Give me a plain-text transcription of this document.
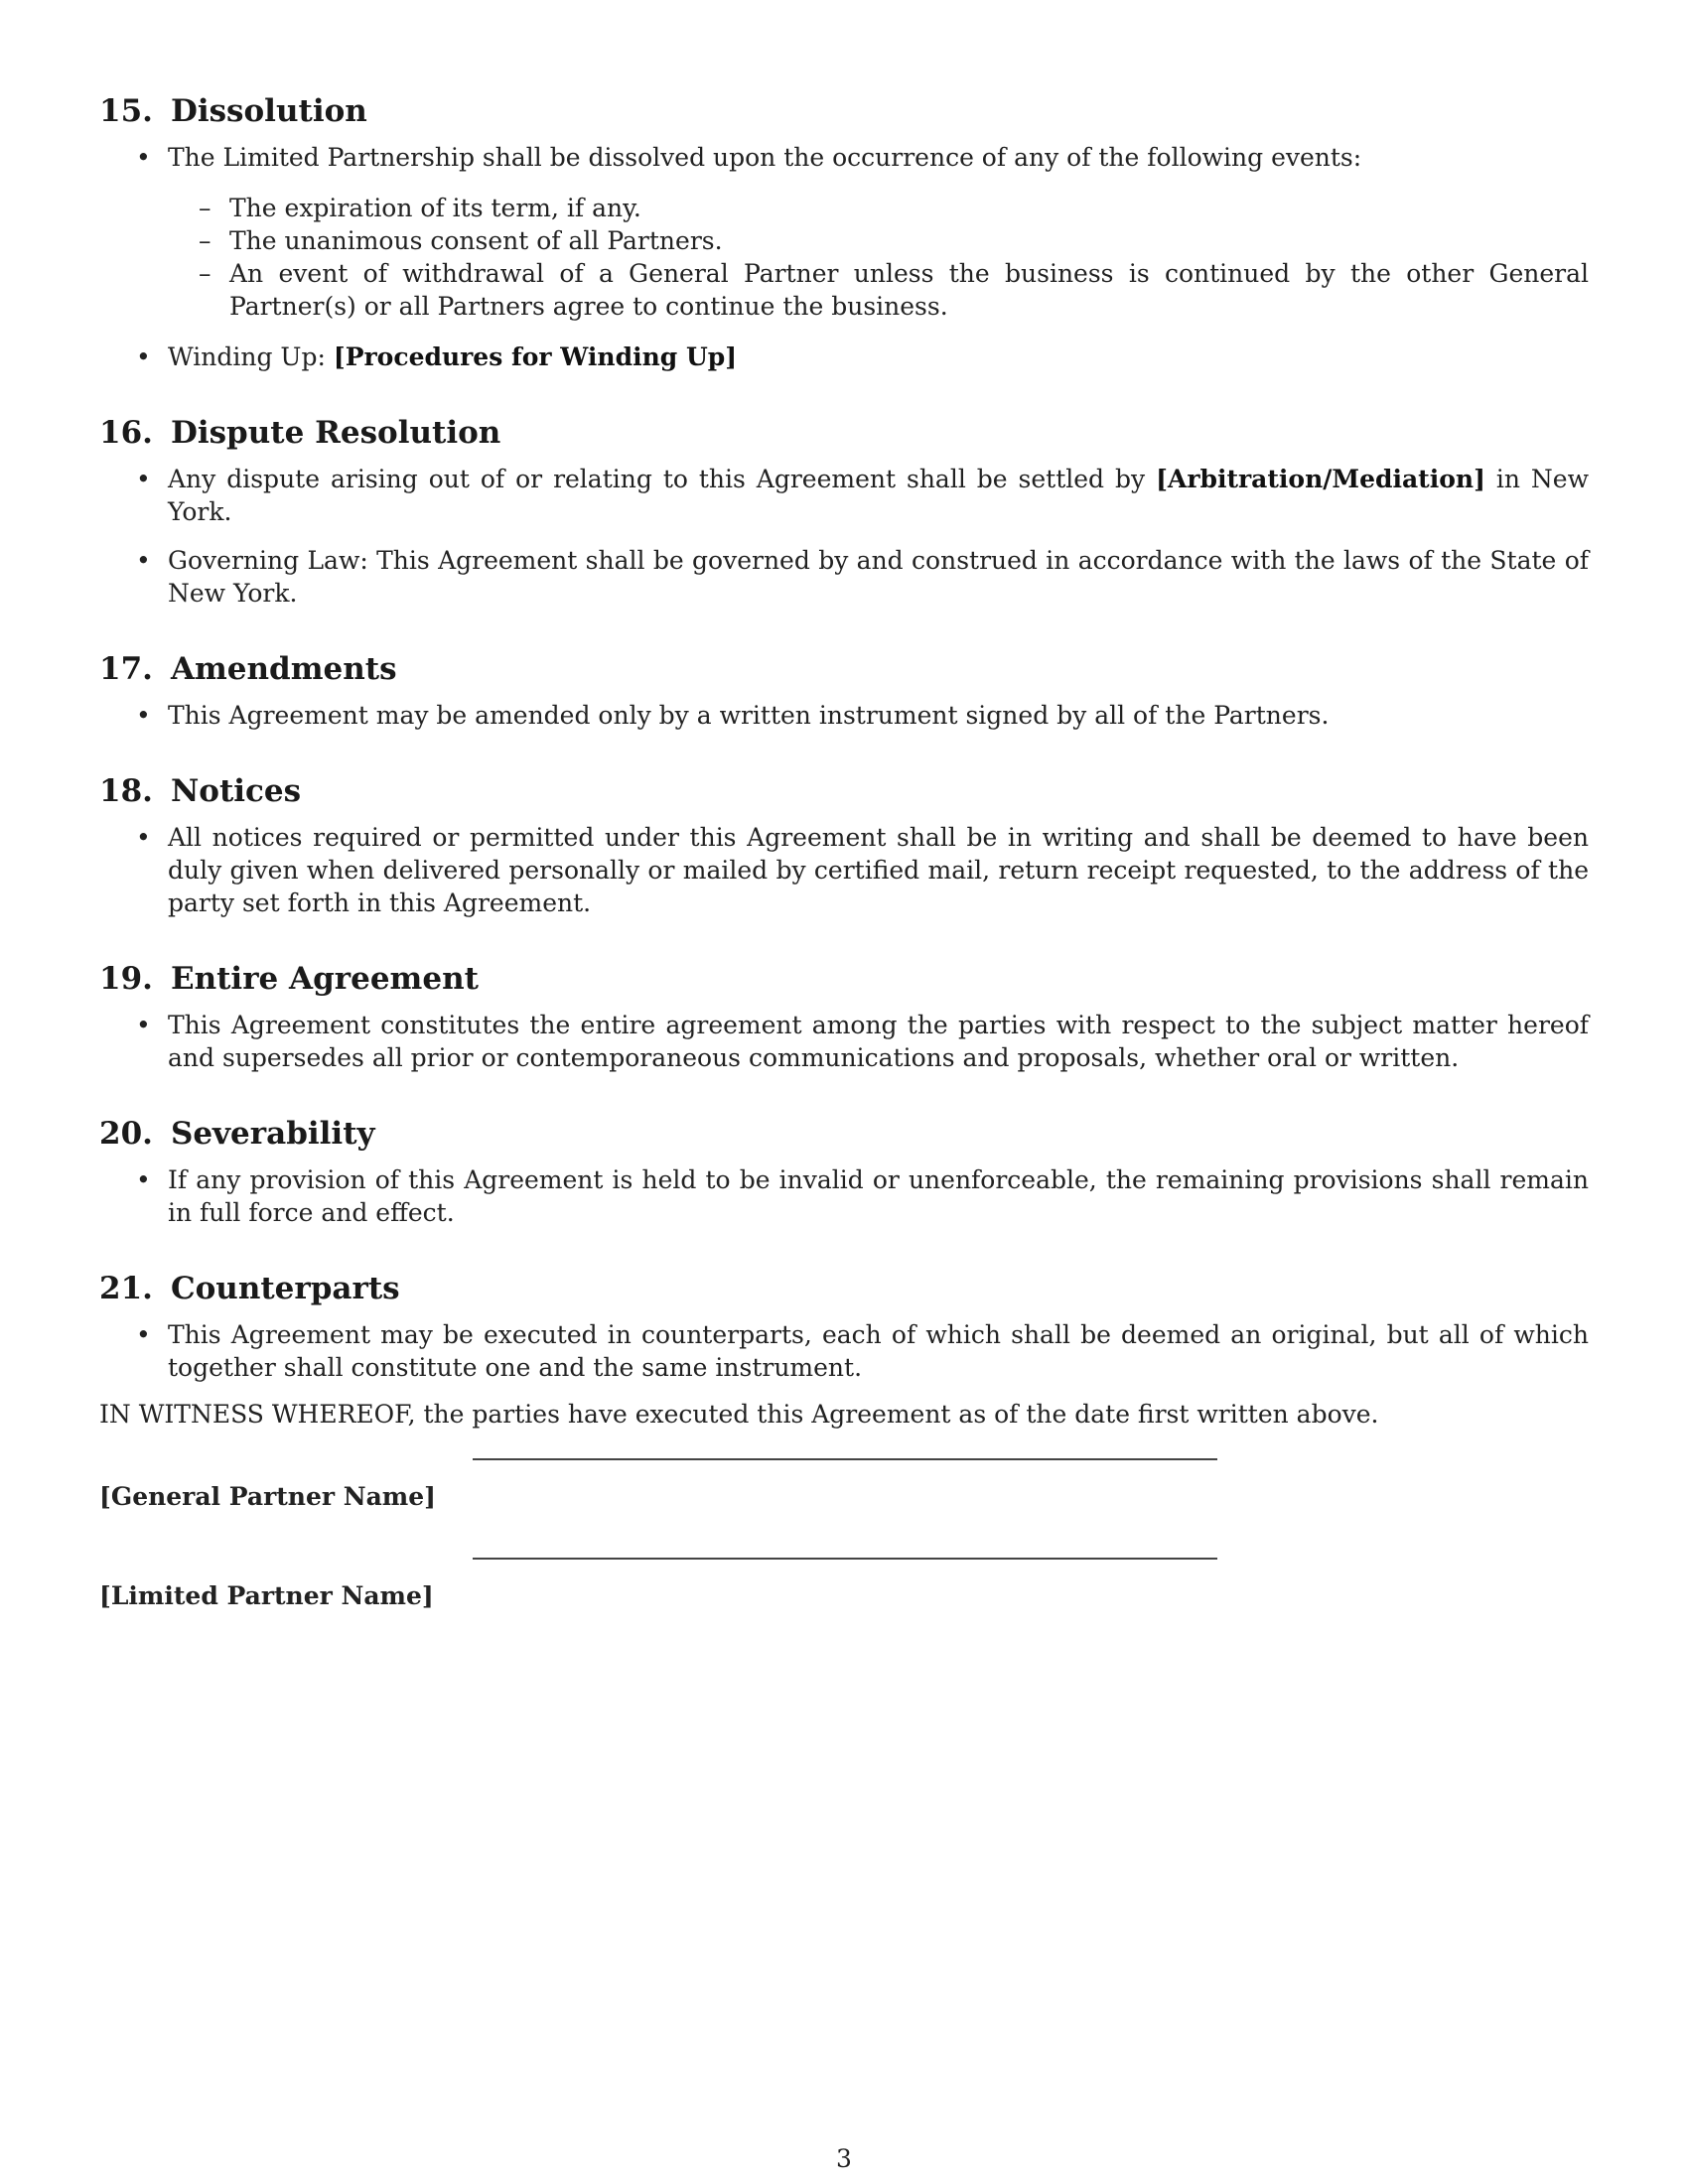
15. Dissolution
• The Limited Partnership shall be dissolved upon the occurrence of any of the following events:
– The expiration of its term, if any.
– The unanimous consent of all Partners.
– An event of withdrawal of a General Partner unless the business is continued by the other General Partner(s) or all Partners agree to continue the business.
• Winding Up: [Procedures for Winding Up]
16. Dispute Resolution
• Any dispute arising out of or relating to this Agreement shall be settled by [Arbitration/Mediation] in New York.
• Governing Law: This Agreement shall be governed by and construed in accordance with the laws of the State of New York.
17. Amendments
• This Agreement may be amended only by a written instrument signed by all of the Partners.
18. Notices
• All notices required or permitted under this Agreement shall be in writing and shall be deemed to have been duly given when delivered personally or mailed by certified mail, return receipt requested, to the address of the party set forth in this Agreement.
19. Entire Agreement
• This Agreement constitutes the entire agreement among the parties with respect to the subject matter hereof and supersedes all prior or contemporaneous communications and proposals, whether oral or written.
20. Severability
• If any provision of this Agreement is held to be invalid or unenforceable, the remaining provisions shall remain in full force and effect.
21. Counterparts
• This Agreement may be executed in counterparts, each of which shall be deemed an original, but all of which together shall constitute one and the same instrument.
IN WITNESS WHEREOF, the parties have executed this Agreement as of the date first written above.
[General Partner Name]
[Limited Partner Name]
3
